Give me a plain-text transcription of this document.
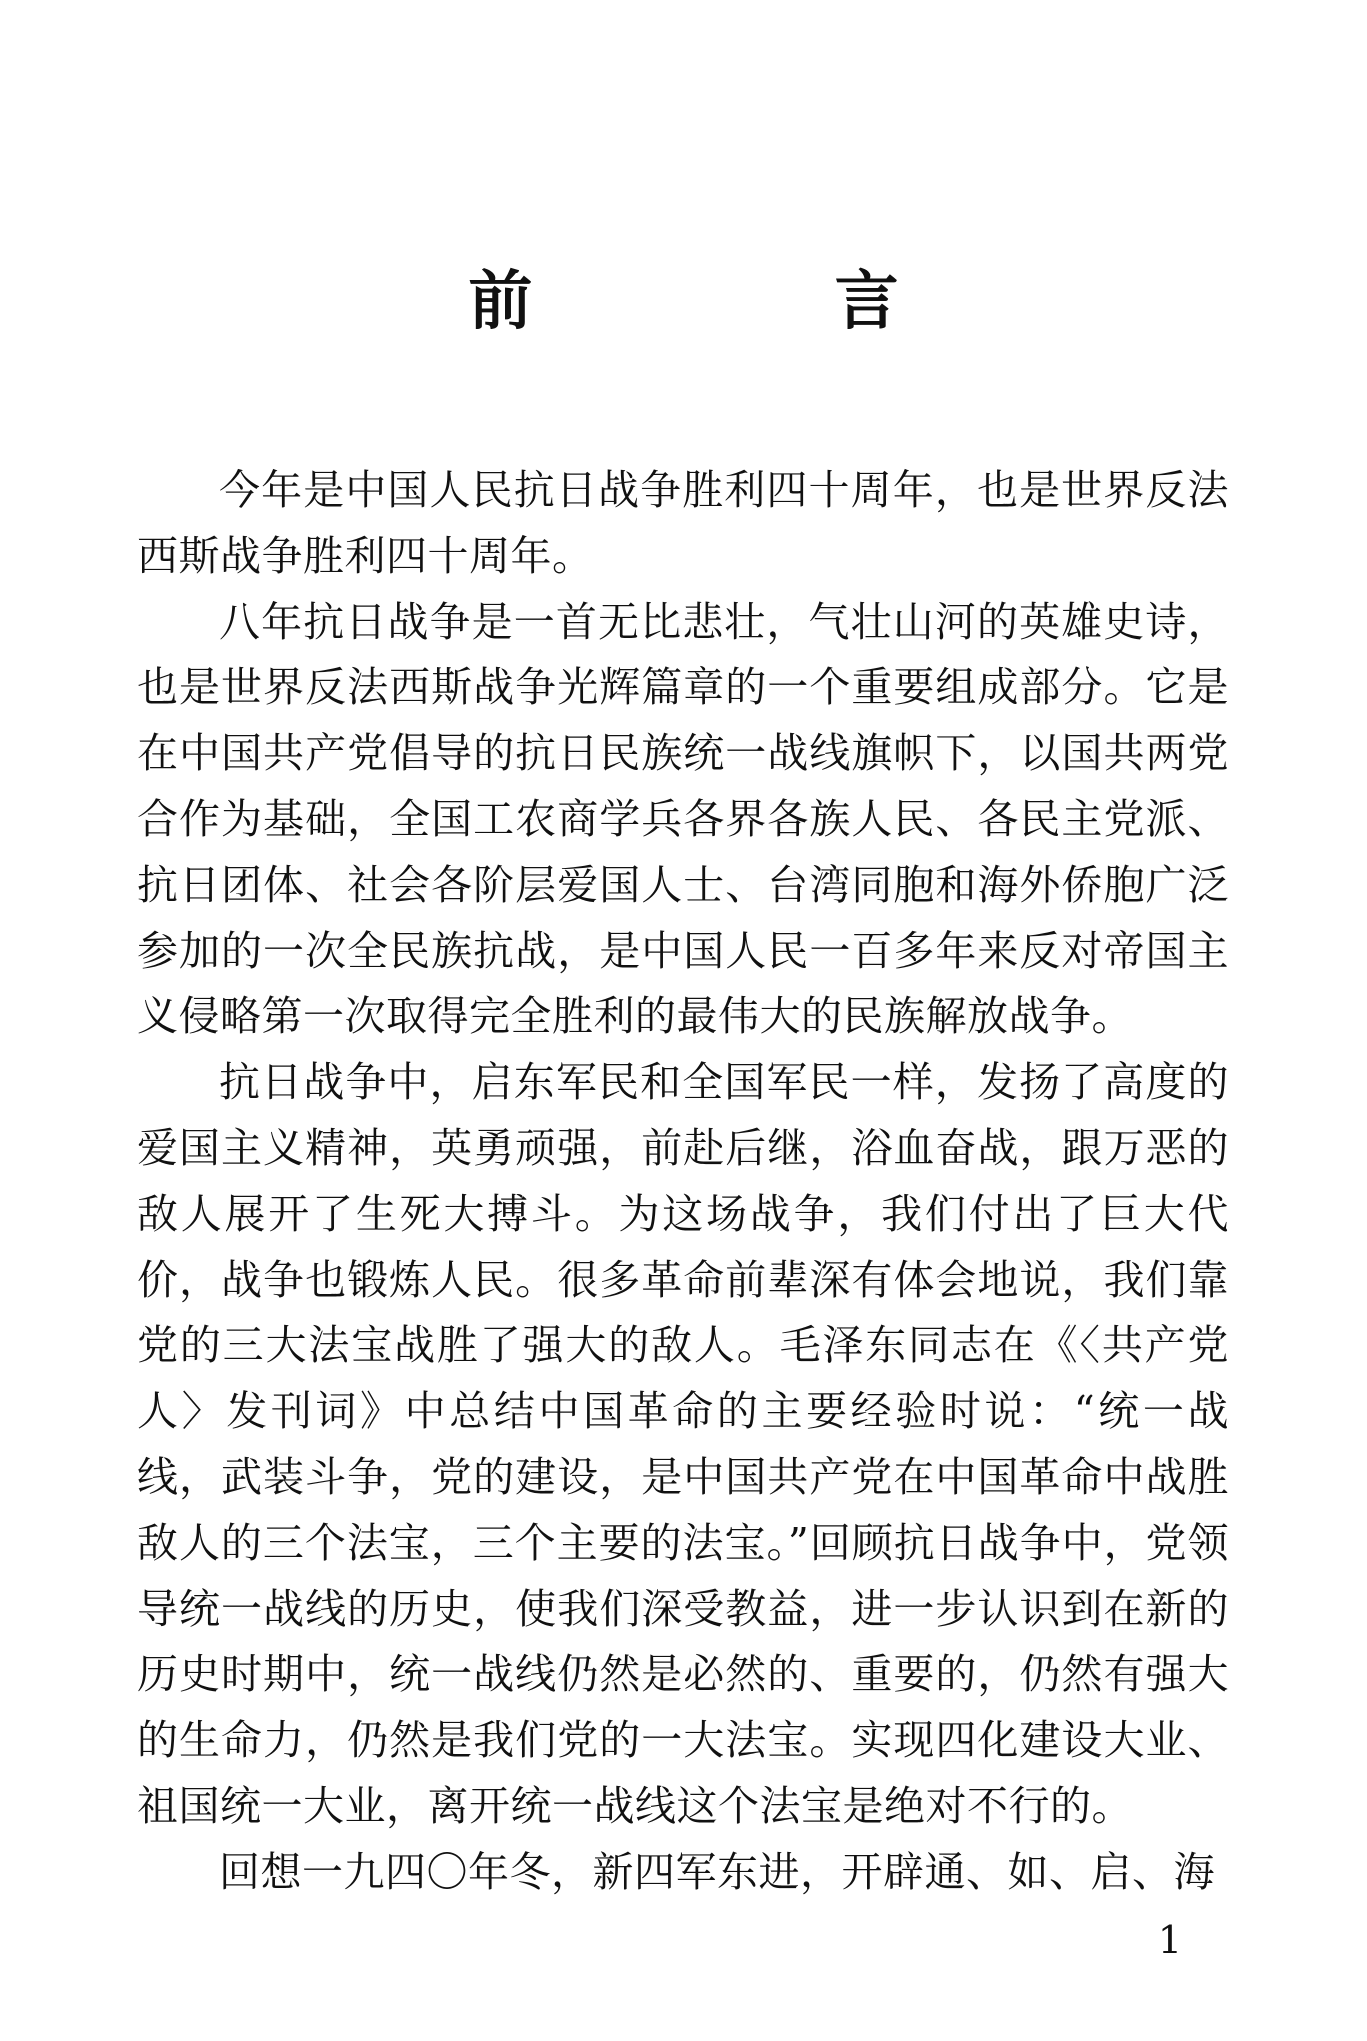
前 言

今年是中国人民抗日战争胜利四十周年，也是世界反法西斯战争胜利四十周年。

八年抗日战争是一首无比悲壮，气壮山河的英雄史诗，也是世界反法西斯战争光辉篇章的一个重要组成部分。它是在中国共产党倡导的抗日民族统一战线旗帜下，以国共两党合作为基础，全国工农商学兵各界各族人民、各民主党派、抗日团体、社会各阶层爱国人士、台湾同胞和海外侨胞广泛参加的一次全民族抗战，是中国人民一百多年来反对帝国主义侵略第一次取得完全胜利的最伟大的民族解放战争。

抗日战争中，启东军民和全国军民一样，发扬了高度的爱国主义精神，英勇顽强，前赴后继，浴血奋战，跟万恶的敌人展开了生死大搏斗。为这场战争，我们付出了巨大代价，战争也锻炼人民。很多革命前辈深有体会地说，我们靠党的三大法宝战胜了强大的敌人。毛泽东同志在《〈共产党人〉发刊词》中总结中国革命的主要经验时说：“统一战线，武装斗争，党的建设，是中国共产党在中国革命中战胜敌人的三个法宝，三个主要的法宝。”回顾抗日战争中，党领导统一战线的历史，使我们深受教益，进一步认识到在新的历史时期中，统一战线仍然是必然的、重要的，仍然有强大的生命力，仍然是我们党的一大法宝。实现四化建设大业、祖国统一大业，离开统一战线这个法宝是绝对不行的。

回想一九四〇年冬，新四军东进，开辟通、如、启、海

1
